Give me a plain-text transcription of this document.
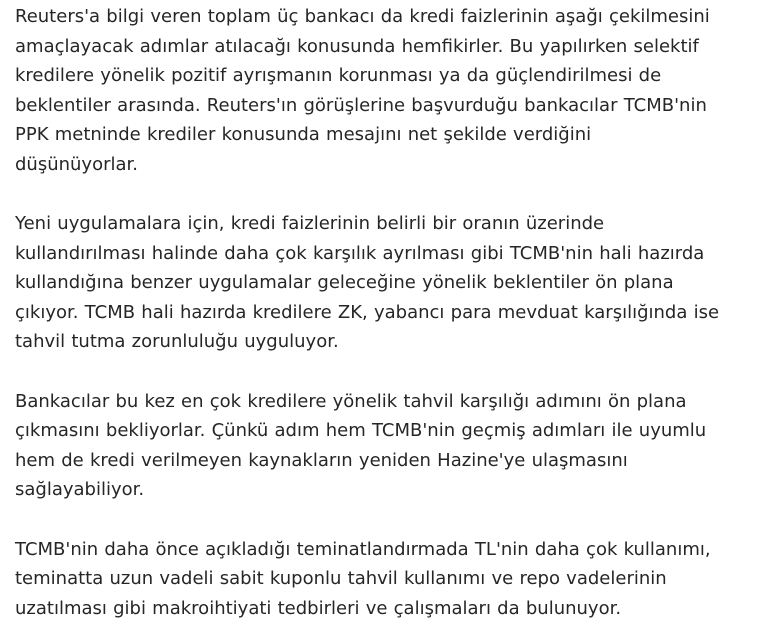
Reuters'a bilgi veren toplam üç bankacı da kredi faizlerinin aşağı çekilmesini
amaçlayacak adımlar atılacağı konusunda hemfikirler. Bu yapılırken selektif
kredilere yönelik pozitif ayrışmanın korunması ya da güçlendirilmesi de
beklentiler arasında. Reuters'ın görüşlerine başvurduğu bankacılar TCMB'nin
PPK metninde krediler konusunda mesajını net şekilde verdiğini
düşünüyorlar.

Yeni uygulamalara için, kredi faizlerinin belirli bir oranın üzerinde
kullandırılması halinde daha çok karşılık ayrılması gibi TCMB'nin hali hazırda
kullandığına benzer uygulamalar geleceğine yönelik beklentiler ön plana
çıkıyor. TCMB hali hazırda kredilere ZK, yabancı para mevduat karşılığında ise
tahvil tutma zorunluluğu uyguluyor.

Bankacılar bu kez en çok kredilere yönelik tahvil karşılığı adımını ön plana
çıkmasını bekliyorlar. Çünkü adım hem TCMB'nin geçmiş adımları ile uyumlu
hem de kredi verilmeyen kaynakların yeniden Hazine'ye ulaşmasını
sağlayabiliyor.

TCMB'nin daha önce açıkladığı teminatlandırmada TL'nin daha çok kullanımı,
teminatta uzun vadeli sabit kuponlu tahvil kullanımı ve repo vadelerinin
uzatılması gibi makroihtiyati tedbirleri ve çalışmaları da bulunuyor.
